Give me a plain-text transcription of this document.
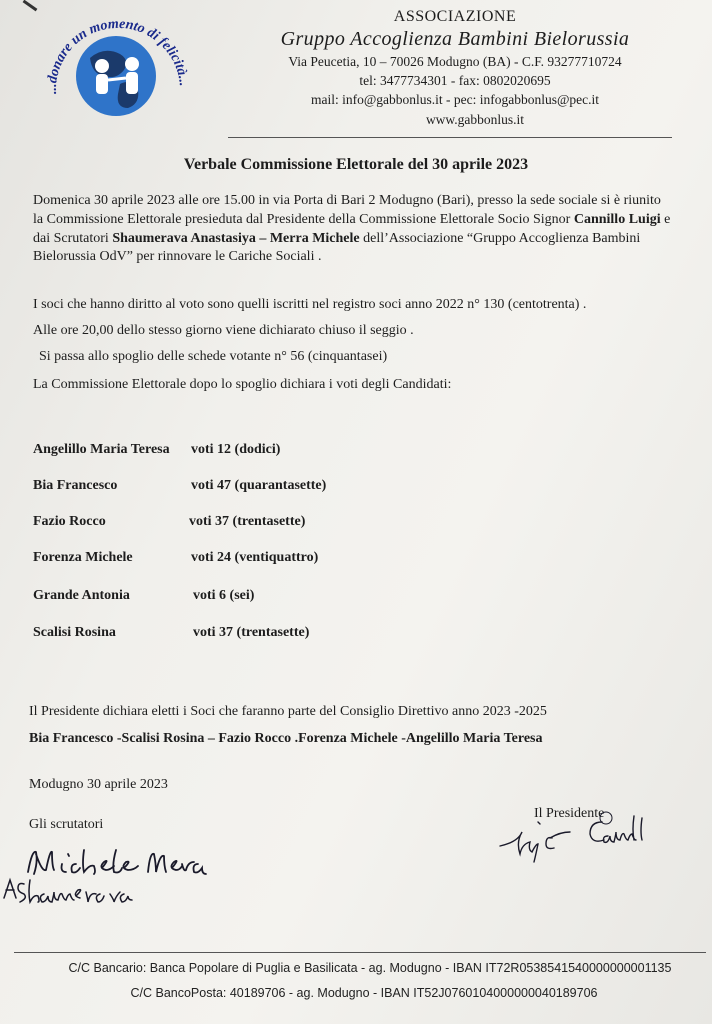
...donare un momento di felicità...
ASSOCIAZIONE
Gruppo Accoglienza Bambini Bielorussia
Via Peucetia, 10 – 70026 Modugno (BA) - C.F. 93277710724
tel: 3477734301 - fax: 0802020695
mail: info@gabbonlus.it - pec: infogabbonlus@pec.it
www.gabbonlus.it
Verbale Commissione Elettorale del 30 aprile 2023
Domenica 30 aprile 2023 alle ore 15.00 in via Porta di Bari 2 Modugno (Bari), presso la sede sociale si è riunito la Commissione Elettorale presieduta dal Presidente della Commissione Elettorale Socio Signor Cannillo Luigi e dai Scrutatori Shaumerava Anastasiya – Merra Michele dell’Associazione “Gruppo Accoglienza Bambini Bielorussia OdV” per rinnovare le Cariche Sociali .
I soci che hanno diritto al voto sono quelli iscritti nel registro soci anno 2022 n° 130 (centotrenta) .
Alle ore 20,00 dello stesso giorno viene dichiarato chiuso il seggio .
Si passa allo spoglio delle schede votante n° 56 (cinquantasei)
La Commissione Elettorale dopo lo spoglio dichiara i voti degli Candidati:
Angelillo Maria Teresa voti 12 (dodici)
Bia Francesco	voti 47 (quarantasette)
Fazio Rocco	voti 37 (trentasette)
Forenza Michele	voti 24 (ventiquattro)
Grande Antonia	voti 6 (sei)
Scalisi Rosina	voti 37 (trentasette)
Il Presidente dichiara eletti i Soci che faranno parte del Consiglio Direttivo anno 2023 -2025
Bia Francesco -Scalisi Rosina – Fazio Rocco .Forenza Michele -Angelillo Maria Teresa
Modugno 30 aprile 2023
Gli scrutatori
Il Presidente
C/C Bancario: Banca Popolare di Puglia e Basilicata - ag. Modugno - IBAN IT72R0538541540000000001135
C/C BancoPosta: 40189706 - ag. Modugno - IBAN IT52J0760104000000040189706
